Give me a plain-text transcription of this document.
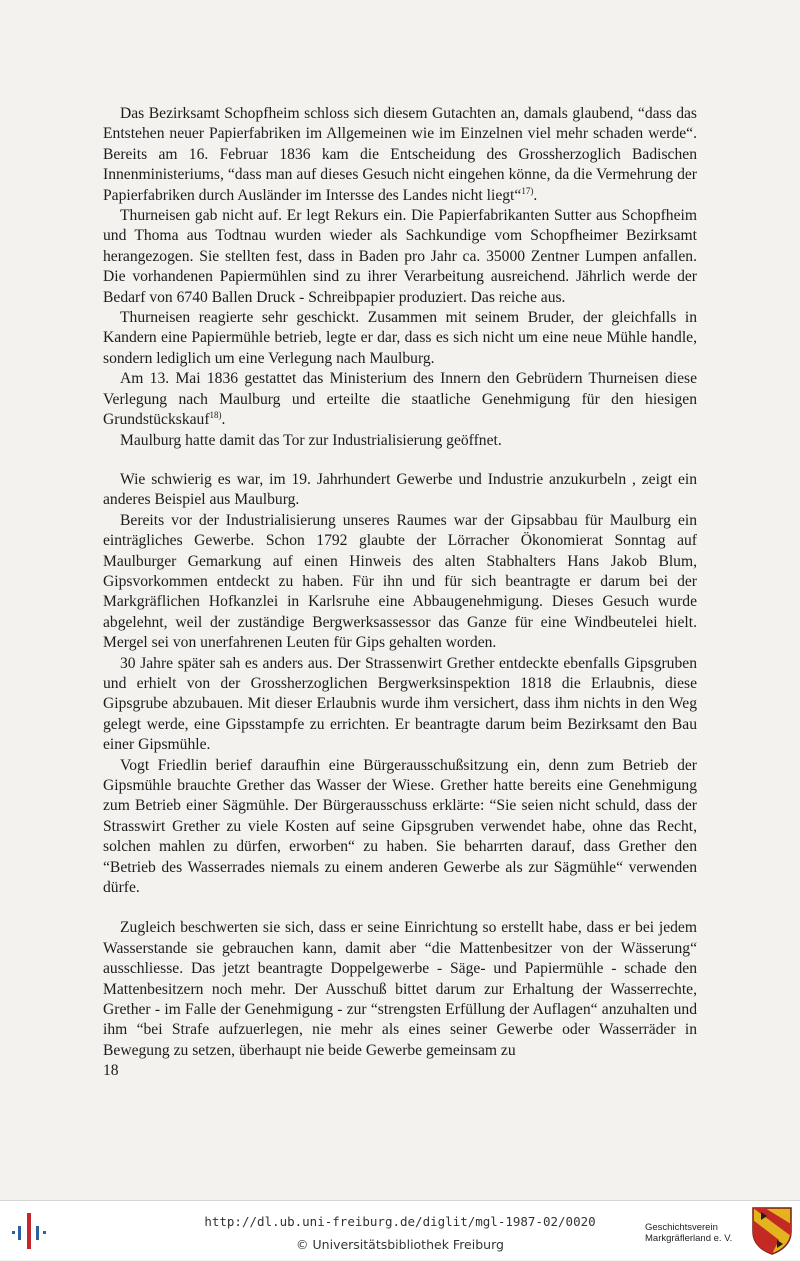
Das Bezirksamt Schopfheim schloss sich diesem Gutachten an, damals glaubend, “dass das Entstehen neuer Papierfabriken im Allgemeinen wie im Einzelnen viel mehr schaden werde“. Bereits am 16. Februar 1836 kam die Entscheidung des Grossherzoglich Badischen Innenministeriums, “dass man auf dieses Gesuch nicht eingehen könne, da die Vermehrung der Papierfabriken durch Ausländer im Intersse des Landes nicht liegt“$^{17)}$.

Thurneisen gab nicht auf. Er legt Rekurs ein. Die Papierfabrikanten Sutter aus Schopfheim und Thoma aus Todtnau wurden wieder als Sachkundige vom Schopfheimer Bezirksamt herangezogen. Sie stellten fest, dass in Baden pro Jahr ca. 35000 Zentner Lumpen anfallen. Die vorhandenen Papiermühlen sind zu ihrer Verarbeitung ausreichend. Jährlich werde der Bedarf von 6740 Ballen Druck - Schreibpapier produziert. Das reiche aus.

Thurneisen reagierte sehr geschickt. Zusammen mit seinem Bruder, der gleichfalls in Kandern eine Papiermühle betrieb, legte er dar, dass es sich nicht um eine neue Mühle handle, sondern lediglich um eine Verlegung nach Maulburg.

Am 13. Mai 1836 gestattet das Ministerium des Innern den Gebrüdern Thurneisen diese Verlegung nach Maulburg und erteilte die staatliche Genehmigung für den hiesigen Grundstückskauf$^{18)}$.

Maulburg hatte damit das Tor zur Industrialisierung geöffnet.

Wie schwierig es war, im 19. Jahrhundert Gewerbe und Industrie anzukurbeln , zeigt ein anderes Beispiel aus Maulburg.

Bereits vor der Industrialisierung unseres Raumes war der Gipsabbau für Maulburg ein einträgliches Gewerbe. Schon 1792 glaubte der Lörracher Ökonomierat Sonntag auf Maulburger Gemarkung auf einen Hinweis des alten Stabhalters Hans Jakob Blum, Gipsvorkommen entdeckt zu haben. Für ihn und für sich beantragte er darum bei der Markgräflichen Hofkanzlei in Karlsruhe eine Abbaugenehmigung. Dieses Gesuch wurde abgelehnt, weil der zuständige Bergwerksassessor das Ganze für eine Windbeutelei hielt. Mergel sei von unerfahrenen Leuten für Gips gehalten worden.

30 Jahre später sah es anders aus. Der Strassenwirt Grether entdeckte ebenfalls Gipsgruben und erhielt von der Grossherzoglichen Bergwerksinspektion 1818 die Erlaubnis, diese Gipsgrube abzubauen. Mit dieser Erlaubnis wurde ihm versichert, dass ihm nichts in den Weg gelegt werde, eine Gipsstampfe zu errichten. Er beantragte darum beim Bezirksamt den Bau einer Gipsmühle.

Vogt Friedlin berief daraufhin eine Bürgerausschußsitzung ein, denn zum Betrieb der Gipsmühle brauchte Grether das Wasser der Wiese. Grether hatte bereits eine Genehmigung zum Betrieb einer Sägmühle. Der Bürgerausschuss erklärte: “Sie seien nicht schuld, dass der Strasswirt Grether zu viele Kosten auf seine Gipsgruben verwendet habe, ohne das Recht, solchen mahlen zu dürfen, erworben“ zu haben. Sie beharrten darauf, dass Grether den “Betrieb des Wasserrades niemals zu einem anderen Gewerbe als zur Sägmühle“ verwenden dürfe.

Zugleich beschwerten sie sich, dass er seine Einrichtung so erstellt habe, dass er bei jedem Wasserstande sie gebrauchen kann, damit aber “die Mattenbesitzer von der Wässerung“ ausschliesse. Das jetzt beantragte Doppelgewerbe - Säge- und Papiermühle - schade den Mattenbesitzern noch mehr. Der Ausschuß bittet darum zur Erhaltung der Wasserrechte, Grether - im Falle der Genehmigung - zur “strengsten Erfüllung der Auflagen“ anzuhalten und ihm “bei Strafe aufzuerlegen, nie mehr als eines seiner Gewerbe oder Wasserräder in Bewegung zu setzen, überhaupt nie beide Gewerbe gemeinsam zu

18
http://dl.ub.uni-freiburg.de/diglit/mgl-1987-02/0020
© Universitätsbibliothek Freiburg
Geschichtsverein
Markgräflerland e. V.
